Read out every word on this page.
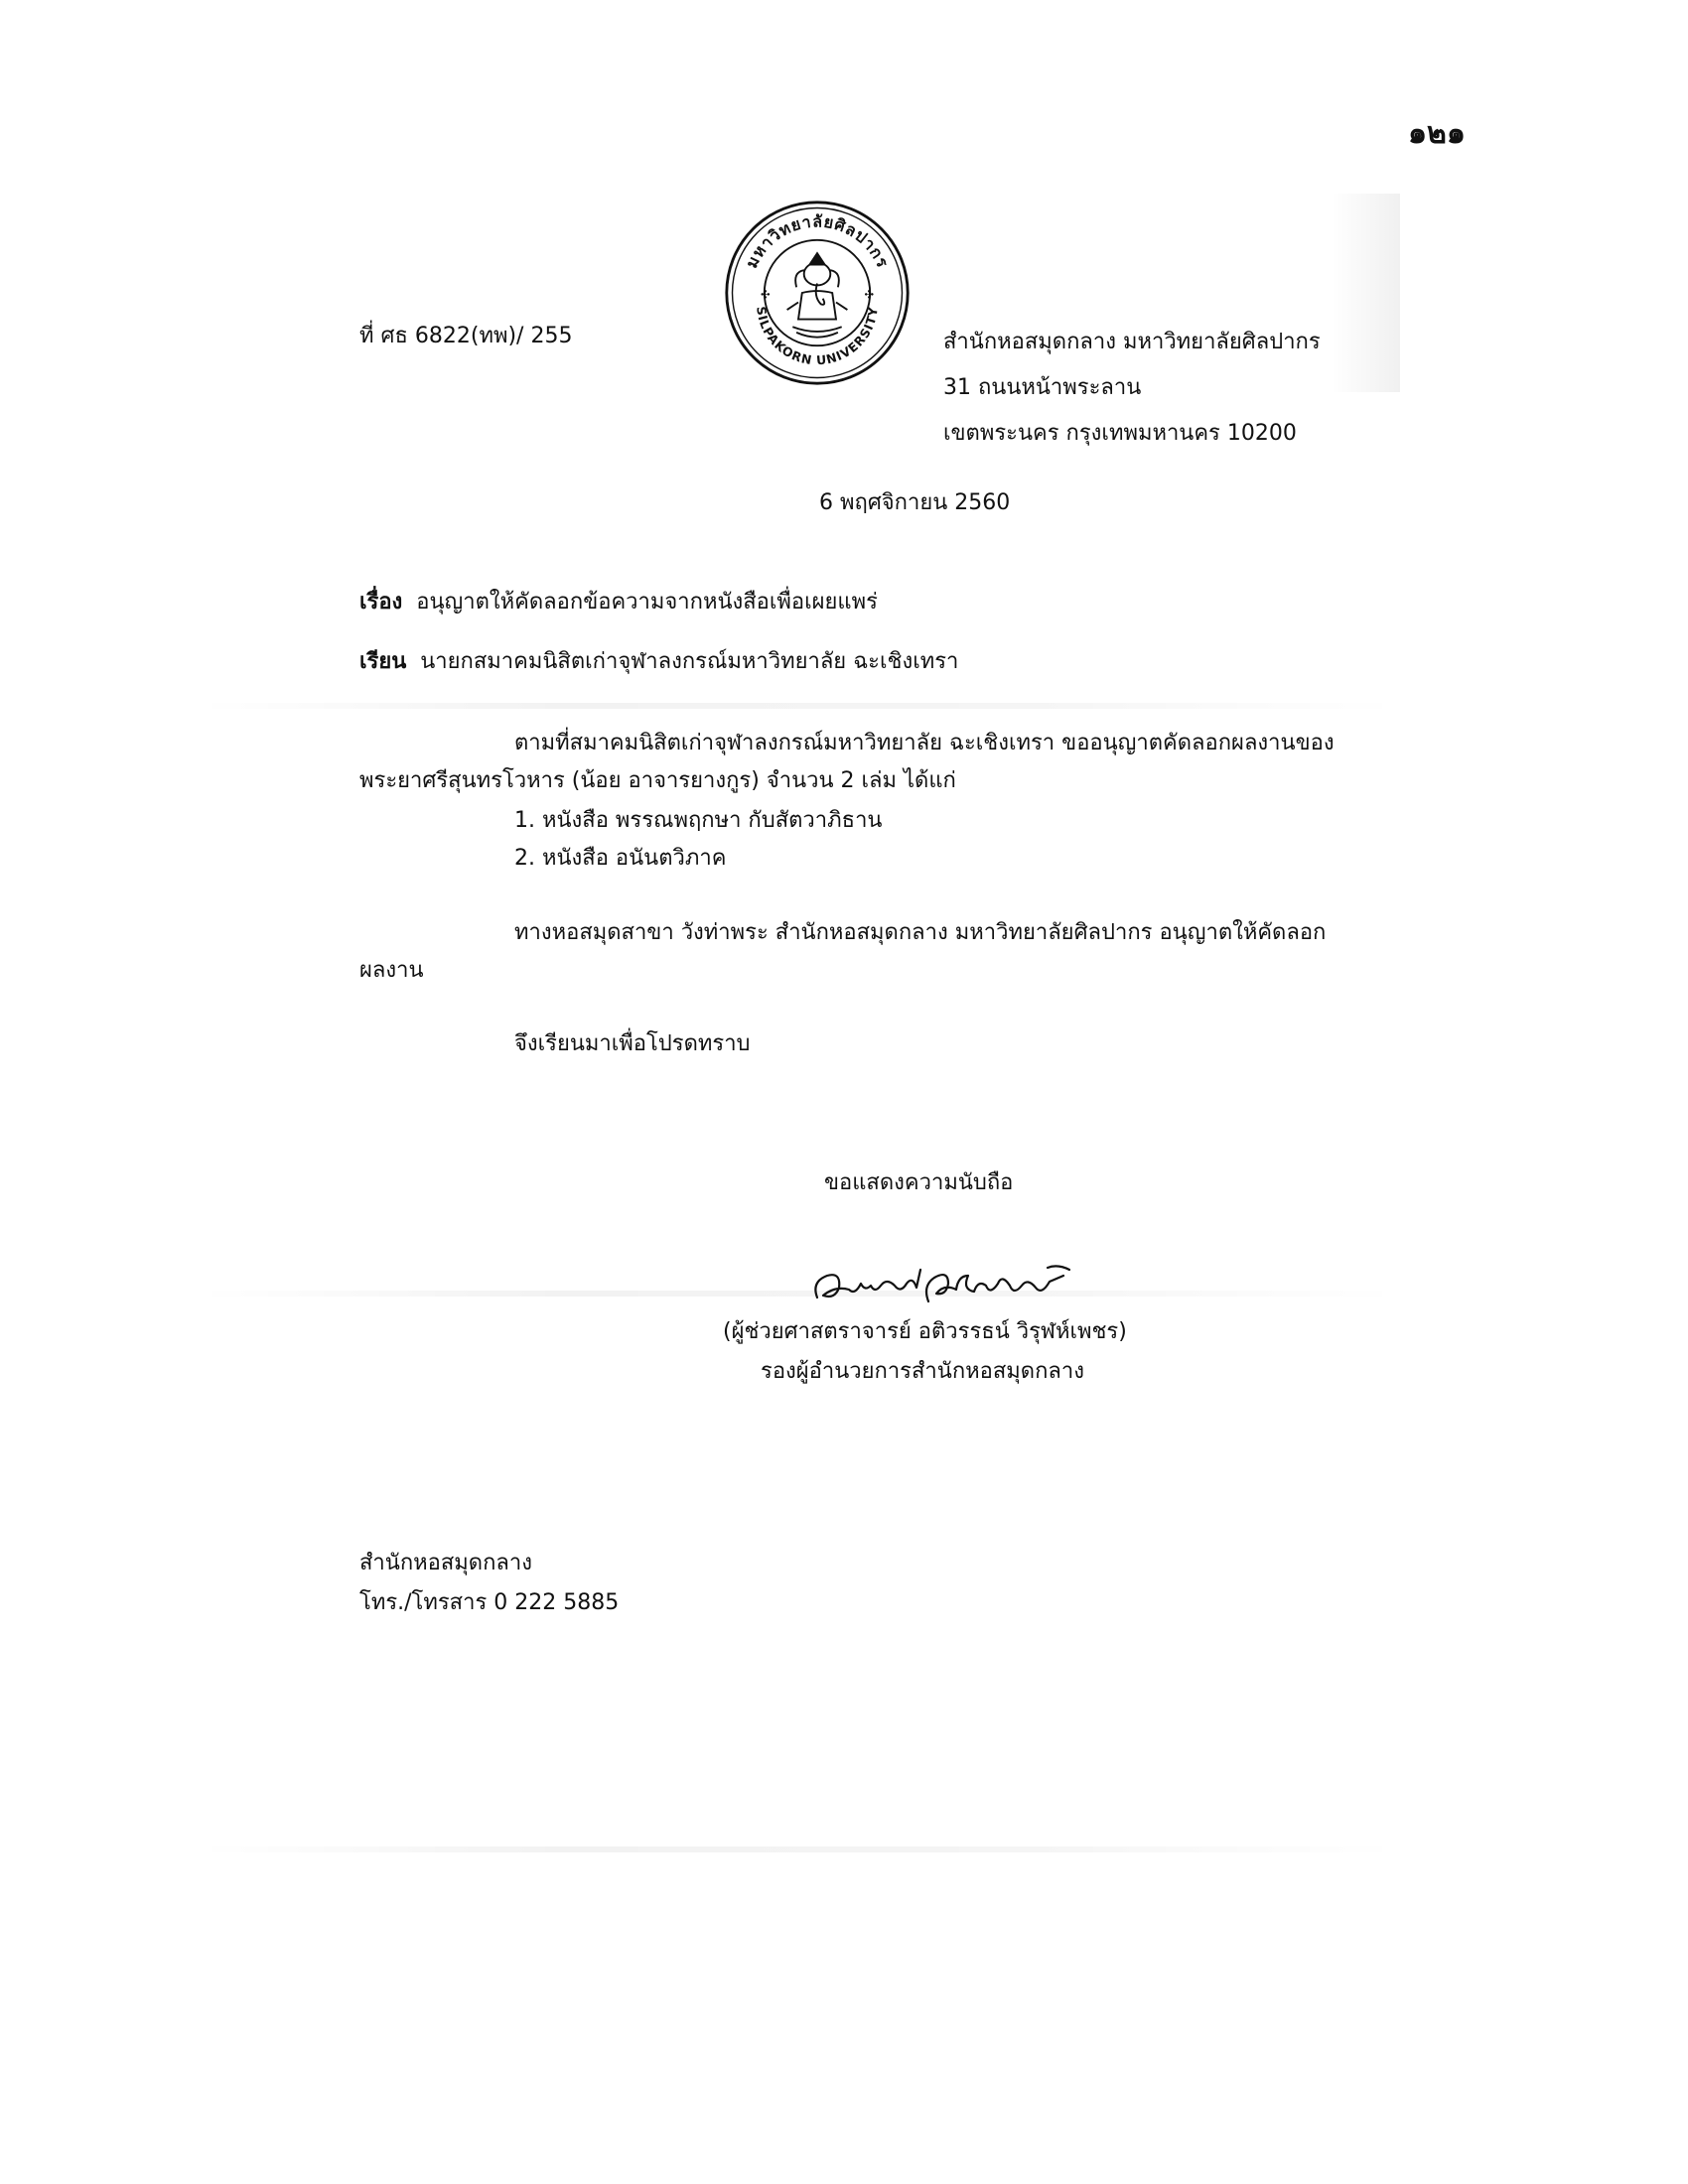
๑๒๑
มหาวิทยาลัยศิลปากร
SILPAKORN UNIVERSITY
✣	✣
ที่ ศธ 6822(ทพ)/ 255	สำนักหอสมุดกลาง มหาวิทยาลัยศิลปากร
31 ถนนหน้าพระลาน
เขตพระนคร กรุงเทพมหานคร 10200
6 พฤศจิกายน 2560
เรื่อง อนุญาตให้คัดลอกข้อความจากหนังสือเพื่อเผยแพร่
เรียน นายกสมาคมนิสิตเก่าจุฬาลงกรณ์มหาวิทยาลัย ฉะเชิงเทรา
ตามที่สมาคมนิสิตเก่าจุฬาลงกรณ์มหาวิทยาลัย ฉะเชิงเทรา ขออนุญาตคัดลอกผลงานของ
พระยาศรีสุนทรโวหาร (น้อย อาจารยางกูร) จำนวน 2 เล่ม ได้แก่
1. หนังสือ พรรณพฤกษา กับสัตวาภิธาน
2. หนังสือ อนันตวิภาค
ทางหอสมุดสาขา วังท่าพระ สำนักหอสมุดกลาง มหาวิทยาลัยศิลปากร อนุญาตให้คัดลอก
ผลงาน
จึงเรียนมาเพื่อโปรดทราบ
ขอแสดงความนับถือ
(ผู้ช่วยศาสตราจารย์ อติวรรธน์ วิรุฬห์เพชร)
รองผู้อำนวยการสำนักหอสมุดกลาง
สำนักหอสมุดกลาง
โทร./โทรสาร 0 222 5885
